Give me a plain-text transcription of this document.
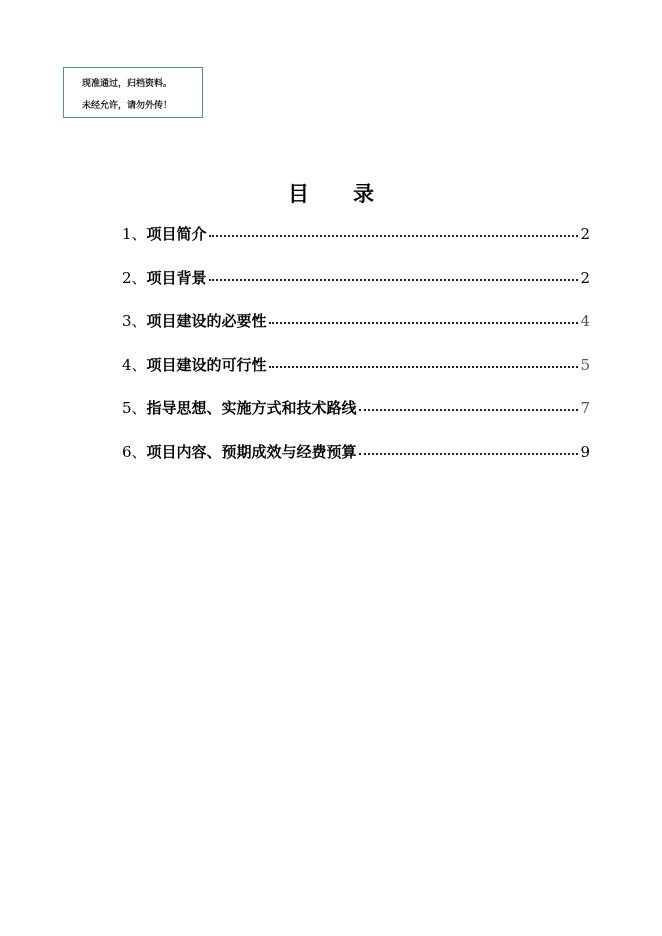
现准通过，归档资料。
未经允许，请勿外传！
目 录
1、 项目简介	2
2、 项目背景	2
3、 项目建设的必要性	4
4、 项目建设的可行性	5
5、 指导思想、实施方式和技术路线	7
6、 项目内容、预期成效与经费预算	9
